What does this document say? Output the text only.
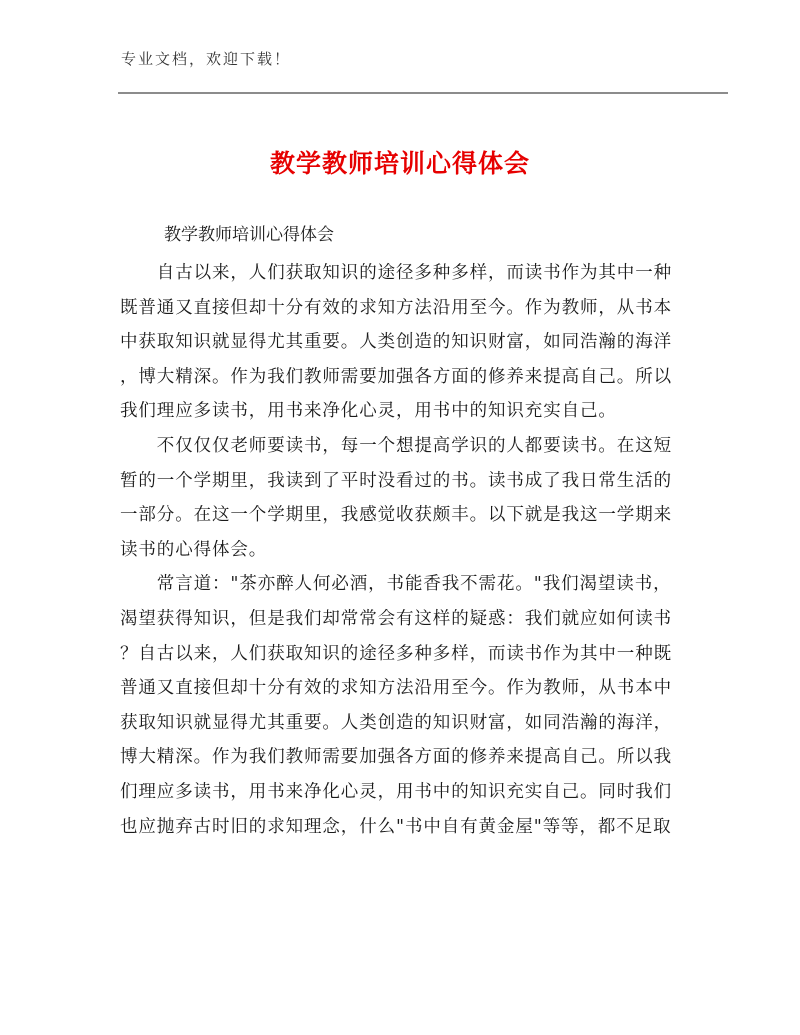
专业文档，欢迎下载！
教学教师培训心得体会
教学教师培训心得体会

　　自古以来，人们获取知识的途径多种多样，而读书作为其中一种
既普通又直接但却十分有效的求知方法沿用至今。作为教师，从书本
中获取知识就显得尤其重要。人类创造的知识财富，如同浩瀚的海洋
，博大精深。作为我们教师需要加强各方面的修养来提高自己。所以
我们理应多读书，用书来净化心灵，用书中的知识充实自己。

　　不仅仅仅老师要读书，每一个想提高学识的人都要读书。在这短
暂的一个学期里，我读到了平时没看过的书。读书成了我日常生活的
一部分。在这一个学期里，我感觉收获颇丰。以下就是我这一学期来
读书的心得体会。

　　常言道："茶亦醉人何必酒，书能香我不需花。"我们渴望读书，
渴望获得知识，但是我们却常常会有这样的疑惑：我们就应如何读书
？自古以来，人们获取知识的途径多种多样，而读书作为其中一种既
普通又直接但却十分有效的求知方法沿用至今。作为教师，从书本中
获取知识就显得尤其重要。人类创造的知识财富，如同浩瀚的海洋，
博大精深。作为我们教师需要加强各方面的修养来提高自己。所以我
们理应多读书，用书来净化心灵，用书中的知识充实自己。同时我们
也应抛弃古时旧的求知理念，什么"书中自有黄金屋"等等，都不足取
